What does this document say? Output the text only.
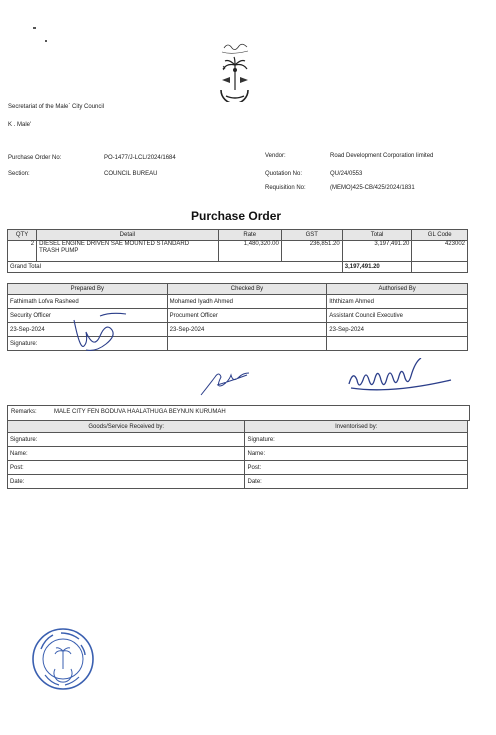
Secretariat of the Male` City Council
K . Male'
Purchase Order No:	PO-1477/J-LCL/2024/1684
Section:	COUNCIL BUREAU
Vendor:	Road Development Corporation limited
Quotation No:	QU/24/0553
Requisition No:	(MEMO)425-CB/425/2024/1831
Purchase Order
QTY	Detail	Rate	GST	Total	GL Code
2	DIESEL ENGINE DRIVEN SAE MOUNTED STANDARD
TRASH PUMP	1,480,320.00	236,851.20	3,197,491.20	423002
Grand Total				3,197,491.20	
Prepared By	Checked By	Authorised By
Fathimath Lofva Rasheed	Mohamed Iyadh Ahmed	Iththizam Ahmed
Security Officer	Procument Officer	Assistant Council Executive
23-Sep-2024	23-Sep-2024	23-Sep-2024
Signature:		
Remarks:	MALE CITY FEN BODUVA HAALATHUGA BEYNUN KURUMAH
Goods/Service Received by:	Inventorised by:
Signature:	Signature:
Name:	Name:
Post:	Post:
Date:	Date:
